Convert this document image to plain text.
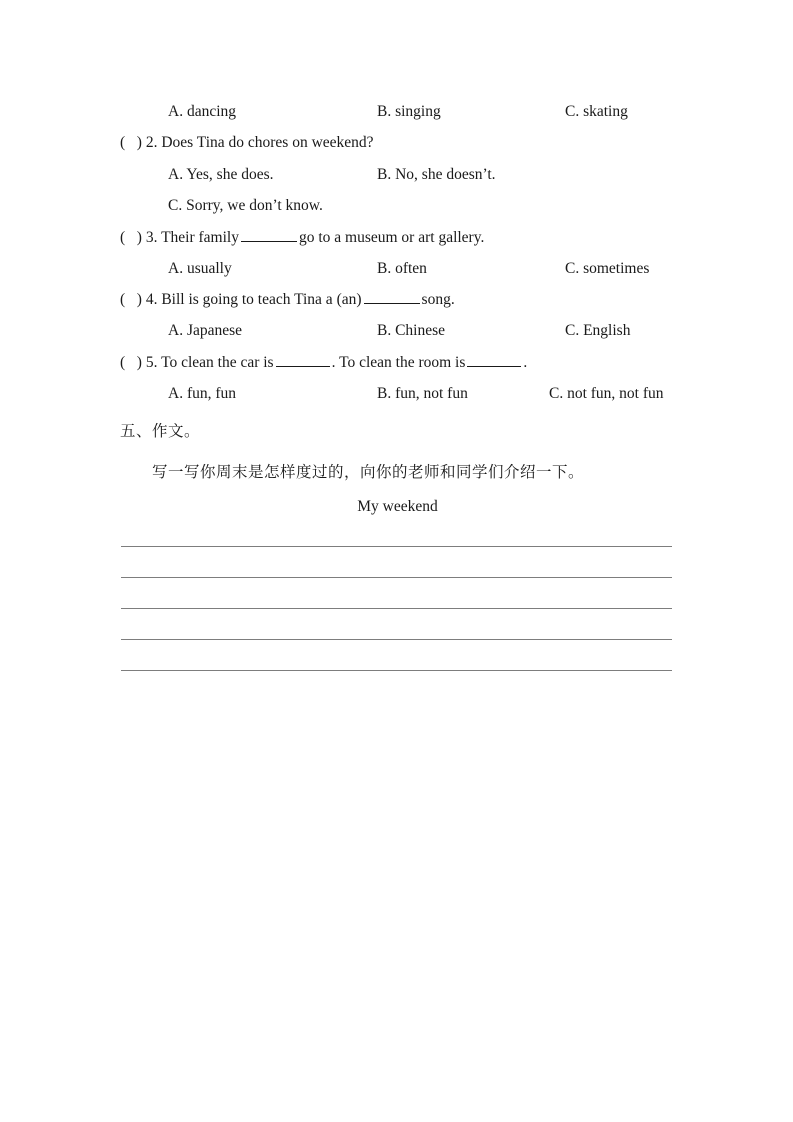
A. dancing	B. singing	C. skating
(   ) 2. Does Tina do chores on weekend?
A. Yes, she does.	B. No, she doesn’t.
C. Sorry, we don’t know.
(   ) 3. Their family	go to a museum or art gallery.
A. usually	B. often	C. sometimes
(   ) 4. Bill is going to teach Tina a (an)	song.
A. Japanese	B. Chinese	C. English
(   ) 5. To clean the car is	. To clean the room is	.
A. fun, fun	B. fun, not fun	C. not fun, not fun
五、作文。
写一写你周末是怎样度过的，向你的老师和同学们介绍一下。
My weekend
